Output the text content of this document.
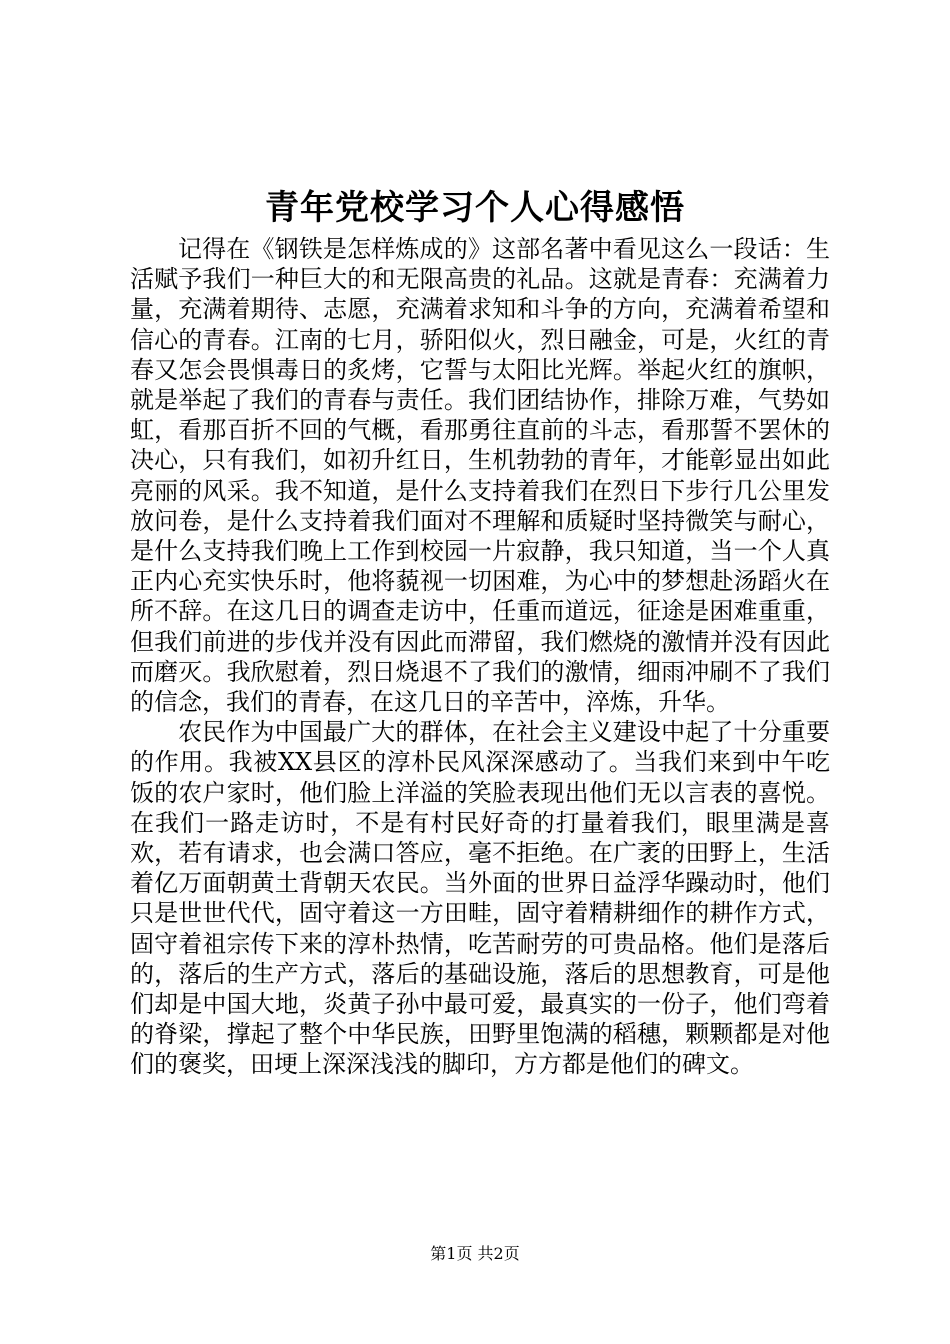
青年党校学习个人心得感悟

记得在《钢铁是怎样炼成的》这部名著中看见这么一段话：生活赋予我们一种巨大的和无限高贵的礼品。这就是青春：充满着力量，充满着期待、志愿，充满着求知和斗争的方向，充满着希望和信心的青春。江南的七月，骄阳似火，烈日融金，可是，火红的青春又怎会畏惧毒日的炙烤，它誓与太阳比光辉。举起火红的旗帜，就是举起了我们的青春与责任。我们团结协作，排除万难，气势如虹，看那百折不回的气概，看那勇往直前的斗志，看那誓不罢休的决心，只有我们，如初升红日，生机勃勃的青年，才能彰显出如此亮丽的风采。我不知道，是什么支持着我们在烈日下步行几公里发放问卷，是什么支持着我们面对不理解和质疑时坚持微笑与耐心，是什么支持我们晚上工作到校园一片寂静，我只知道，当一个人真正内心充实快乐时，他将藐视一切困难，为心中的梦想赴汤蹈火在所不辞。在这几日的调查走访中，任重而道远，征途是困难重重，但我们前进的步伐并没有因此而滞留，我们燃烧的激情并没有因此而磨灭。我欣慰着，烈日烧退不了我们的激情，细雨冲刷不了我们的信念，我们的青春，在这几日的辛苦中，淬炼，升华。

农民作为中国最广大的群体，在社会主义建设中起了十分重要的作用。我被XX县区的淳朴民风深深感动了。当我们来到中午吃饭的农户家时，他们脸上洋溢的笑脸表现出他们无以言表的喜悦。在我们一路走访时，不是有村民好奇的打量着我们，眼里满是喜欢，若有请求，也会满口答应，毫不拒绝。在广袤的田野上，生活着亿万面朝黄土背朝天农民。当外面的世界日益浮华躁动时，他们只是世世代代，固守着这一方田畦，固守着精耕细作的耕作方式，固守着祖宗传下来的淳朴热情，吃苦耐劳的可贵品格。他们是落后的，落后的生产方式，落后的基础设施，落后的思想教育，可是他们却是中国大地，炎黄子孙中最可爱，最真实的一份子，他们弯着的脊梁，撑起了整个中华民族，田野里饱满的稻穗，颗颗都是对他们的褒奖，田埂上深深浅浅的脚印，方方都是他们的碑文。

第1页 共2页
